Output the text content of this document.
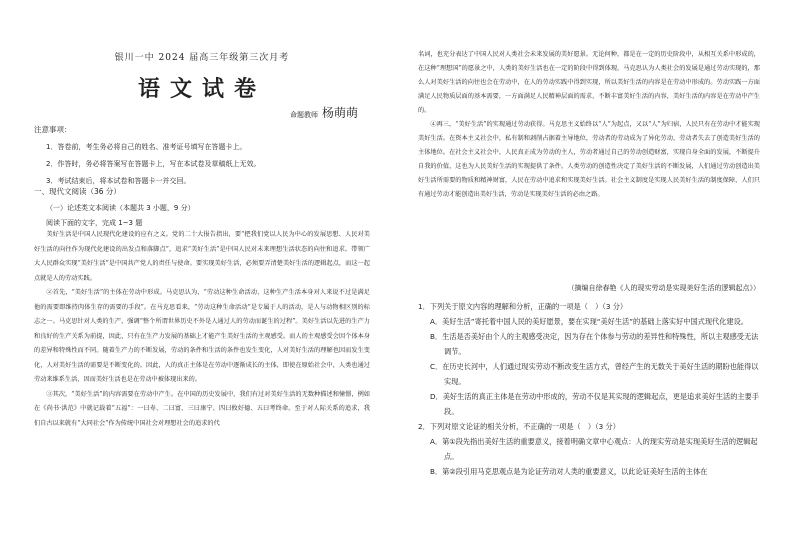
银川一中 2024 届高三年级第三次月考
语文试卷
命题教师 杨萌萌
注意事项：
1．答卷前，考生务必将自己的姓名、准考证号填写在答题卡上。
2．作答时，务必将答案写在答题卡上，写在本试卷及草稿纸上无效。
3．考试结束后，将本试卷和答题卡一并交回。
一、现代文阅读（36 分）
（一）论述类文本阅读（本题共 3 小题，9 分）
阅读下面的文字，完成 1~3 题

美好生活是中国人民现代化建设的应有之义。党的二十大报告指出，要“把我们党以人民为中心的发展思想、人民对美好生活的向往作为现代化建设的出发点和落脚点”，追求“美好生活”是中国人民对未来理想生活状态的向往和追求。带领广大人民群众实现“美好生活”是中国共产党人的责任与使命。要实现美好生活，必须要弄清楚美好生活的逻辑起点，而这一起点就是人的劳动实践。

②首先，“美好生活”的主体在劳动中形成。马克思认为，“劳动这种生命活动、这种生产生活本身对人来说不过是满足他的需要即维持肉体生存的需要的手段”。在马克思看来，“劳动这种生命活动”是专属于人的活动，是人与动物相区别的标志之一。马克思针对人类的生产，强调“整个所谓世界历史不外是人通过人的劳动而诞生的过程”。美好生活以先进的生产力和良好的生产关系为前提，因此，只有在生产力发展的基础上才能产生美好生活的主观感受。而人的主观感受会因个体本身的差异和特殊性而不同。随着生产力的不断发展，劳动的条件和生活的条件也发生变化，人对美好生活的理解也因而发生变化，人对美好生活的需要是不断变化的。因此，人的真正主体是在劳动中逐渐成长的主体，即使在原始社会中，人类也通过劳动来维系生活，因而美好生活也是在劳动中被体现出来的。

③其次，“美好生活”的内容需要在劳动中产生。在中国的历史发展中，我们有过对美好生活的无数种描述和憧憬，例如在《尚书·洪范》中就记载着“五福”：一曰寿、二曰富、三曰康宁、四曰攸好德、五曰考终命。至于对人际关系的追求，我们自古以来就有“大同社会”作为传统中国社会对理想社会的追求的代

名词，也充分表达了中国人民对人类社会未来发展的美好愿景。无论何种，都是在一定的历史阶段中，从相互关系中形成的，在这种“理想国”的愿景之中，人类的美好生活也在一定的阶段中得到体现。马克思认为人类社会的发展是通过劳动实现的，那么人对美好生活的向往也会在劳动中，在人的劳动实践中得到实现，所以美好生活的内容是在劳动中形成的。劳动实践一方面满足人民物质层面的基本需要，一方面满足人民精神层面的需求，不断丰富美好生活的内容，美好生活的内容是在劳动中产生的。

④再三，“美好生活”的实现通过劳动获得。马克思主义始终以“人”为起点，又以“人”为归宿，人民只有在劳动中才能实现美好生活。在资本主义社会中，私有制和剥削占据着主导地位，劳动者的劳动成为了异化劳动，劳动者失去了创造美好生活的主体地位。在社会主义社会中，人民真正成为劳动的主人，劳动者通过自己的劳动创造财富，实现自身全面的发展，不断提升自我的价值，这也为人民美好生活的实现提供了条件。人类劳动的创造性决定了美好生活的不断发展，人们通过劳动创造出美好生活所需要的物质和精神财富，人民在劳动中追求和实现美好生活。社会主义制度是实现人民美好生活的制度保障，人们只有通过劳动才能创造出美好生活，劳动是实现美好生活的必由之路。

（摘编自徐春艳《人的现实劳动是实现美好生活的逻辑起点》）
1．下列关于原文内容的理解和分析，正确的一项是（　）（3 分）
A．美好生活”寄托着中国人民的美好愿景，要在实现“美好生活”的基础上落实好中国式现代化建设。
B．生活是否美好由个人的主观感受决定，因为存在个体参与劳动的差异性和特殊性，所以主观感受无法调节。
C．在历史长河中，人们通过现实劳动不断改变生活方式，曾经产生的无数关于美好生活的期盼也能得以实现。
D．美好生活的真正主体是在劳动中形成的，劳动不仅是其实现的逻辑起点，更是追求美好生活的主要手段。
2．下列对原文论证的相关分析，不正确的一项是（　）（3 分）
A．第①段先指出美好生活的重要意义，接着明确文章中心观点：人的现实劳动是实现美好生活的逻辑起点。
B．第②段引用马克思观点是为论证劳动对人类的重要意义，以此论证美好生活的主体在
